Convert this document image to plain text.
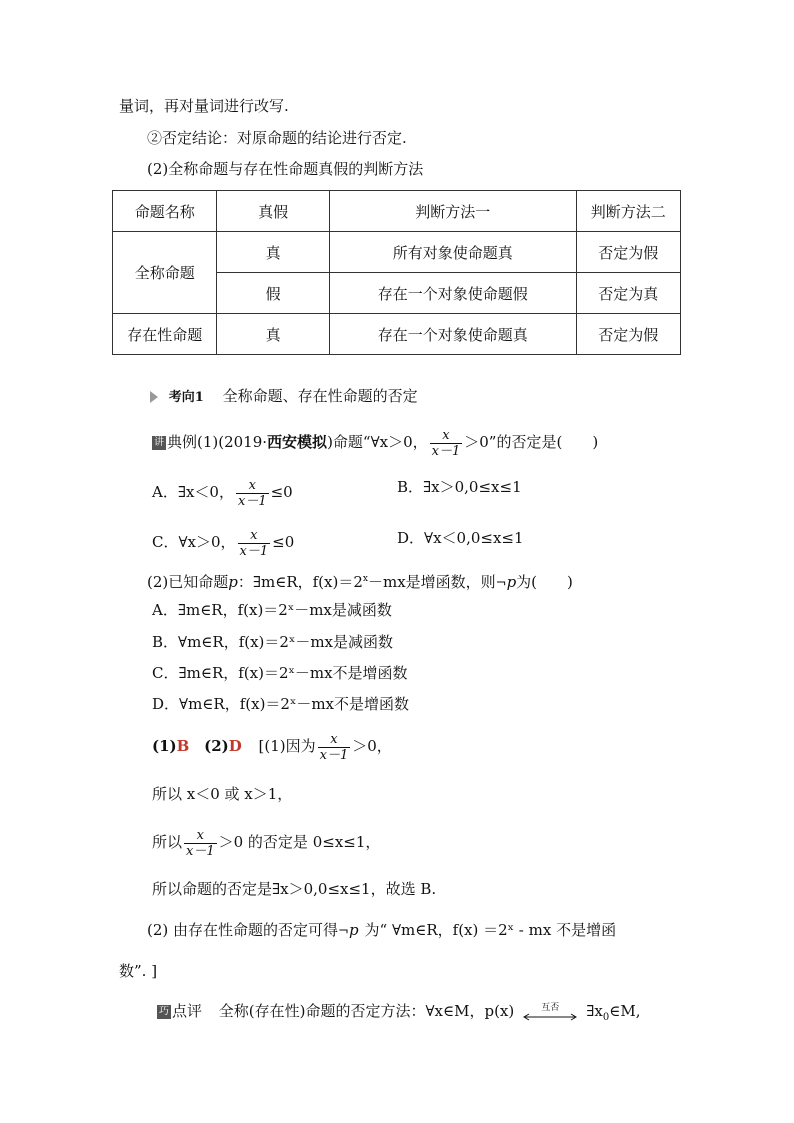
量词，再对量词进行改写.
②否定结论：对原命题的结论进行否定.
(2)全称命题与存在性命题真假的判断方法
命题名称	真假	判断方法一	判断方法二
全称命题	真	所有对象使命题真	否定为假
	假	存在一个对象使命题假	否定为真
存在性命题	真	存在一个对象使命题真	否定为假
考向1 全称命题、存在性命题的否定
讲 典例(1)(2019·西安模拟)命题“∀x＞0， $\frac{x}{x-1} >0$”的否定是(　　)
A．∃x＜0， $\frac{x}{x-1} \le 0$	B．∃x＞0,0≤x≤1
C．∀x＞0， $\frac{x}{x-1} \le 0$	D．∀x＜0,0≤x≤1
(2)已知命题p：∃m∈R，$f(x)=2^x-mx$是增函数，则¬p为(　　)
A．∃m∈R，f(x)＝2ˣ－mx是减函数
B．∀m∈R，f(x)＝2ˣ－mx是减函数
C．∃m∈R，f(x)＝2ˣ－mx不是增函数
D．∀m∈R，f(x)＝2ˣ－mx不是增函数
(1)B (2)D [(1)因为 $\frac{x}{x-1} >0$，
所以 x＜0 或 x＞1，
所以 $\frac{x}{x-1} >0$ 的否定是 0≤x≤1，
所以命题的否定是∃x＞0,0≤x≤1，故选 B.
(2) 由存在性命题的否定可得¬p 为“ ∀m∈R，f(x) ＝2ˣ - mx 不是增函
数”. ]
巧 点评 全称(存在性)命题的否定方法：∀x∈M，p(x)	互否	$\exists x_0\in M$,
